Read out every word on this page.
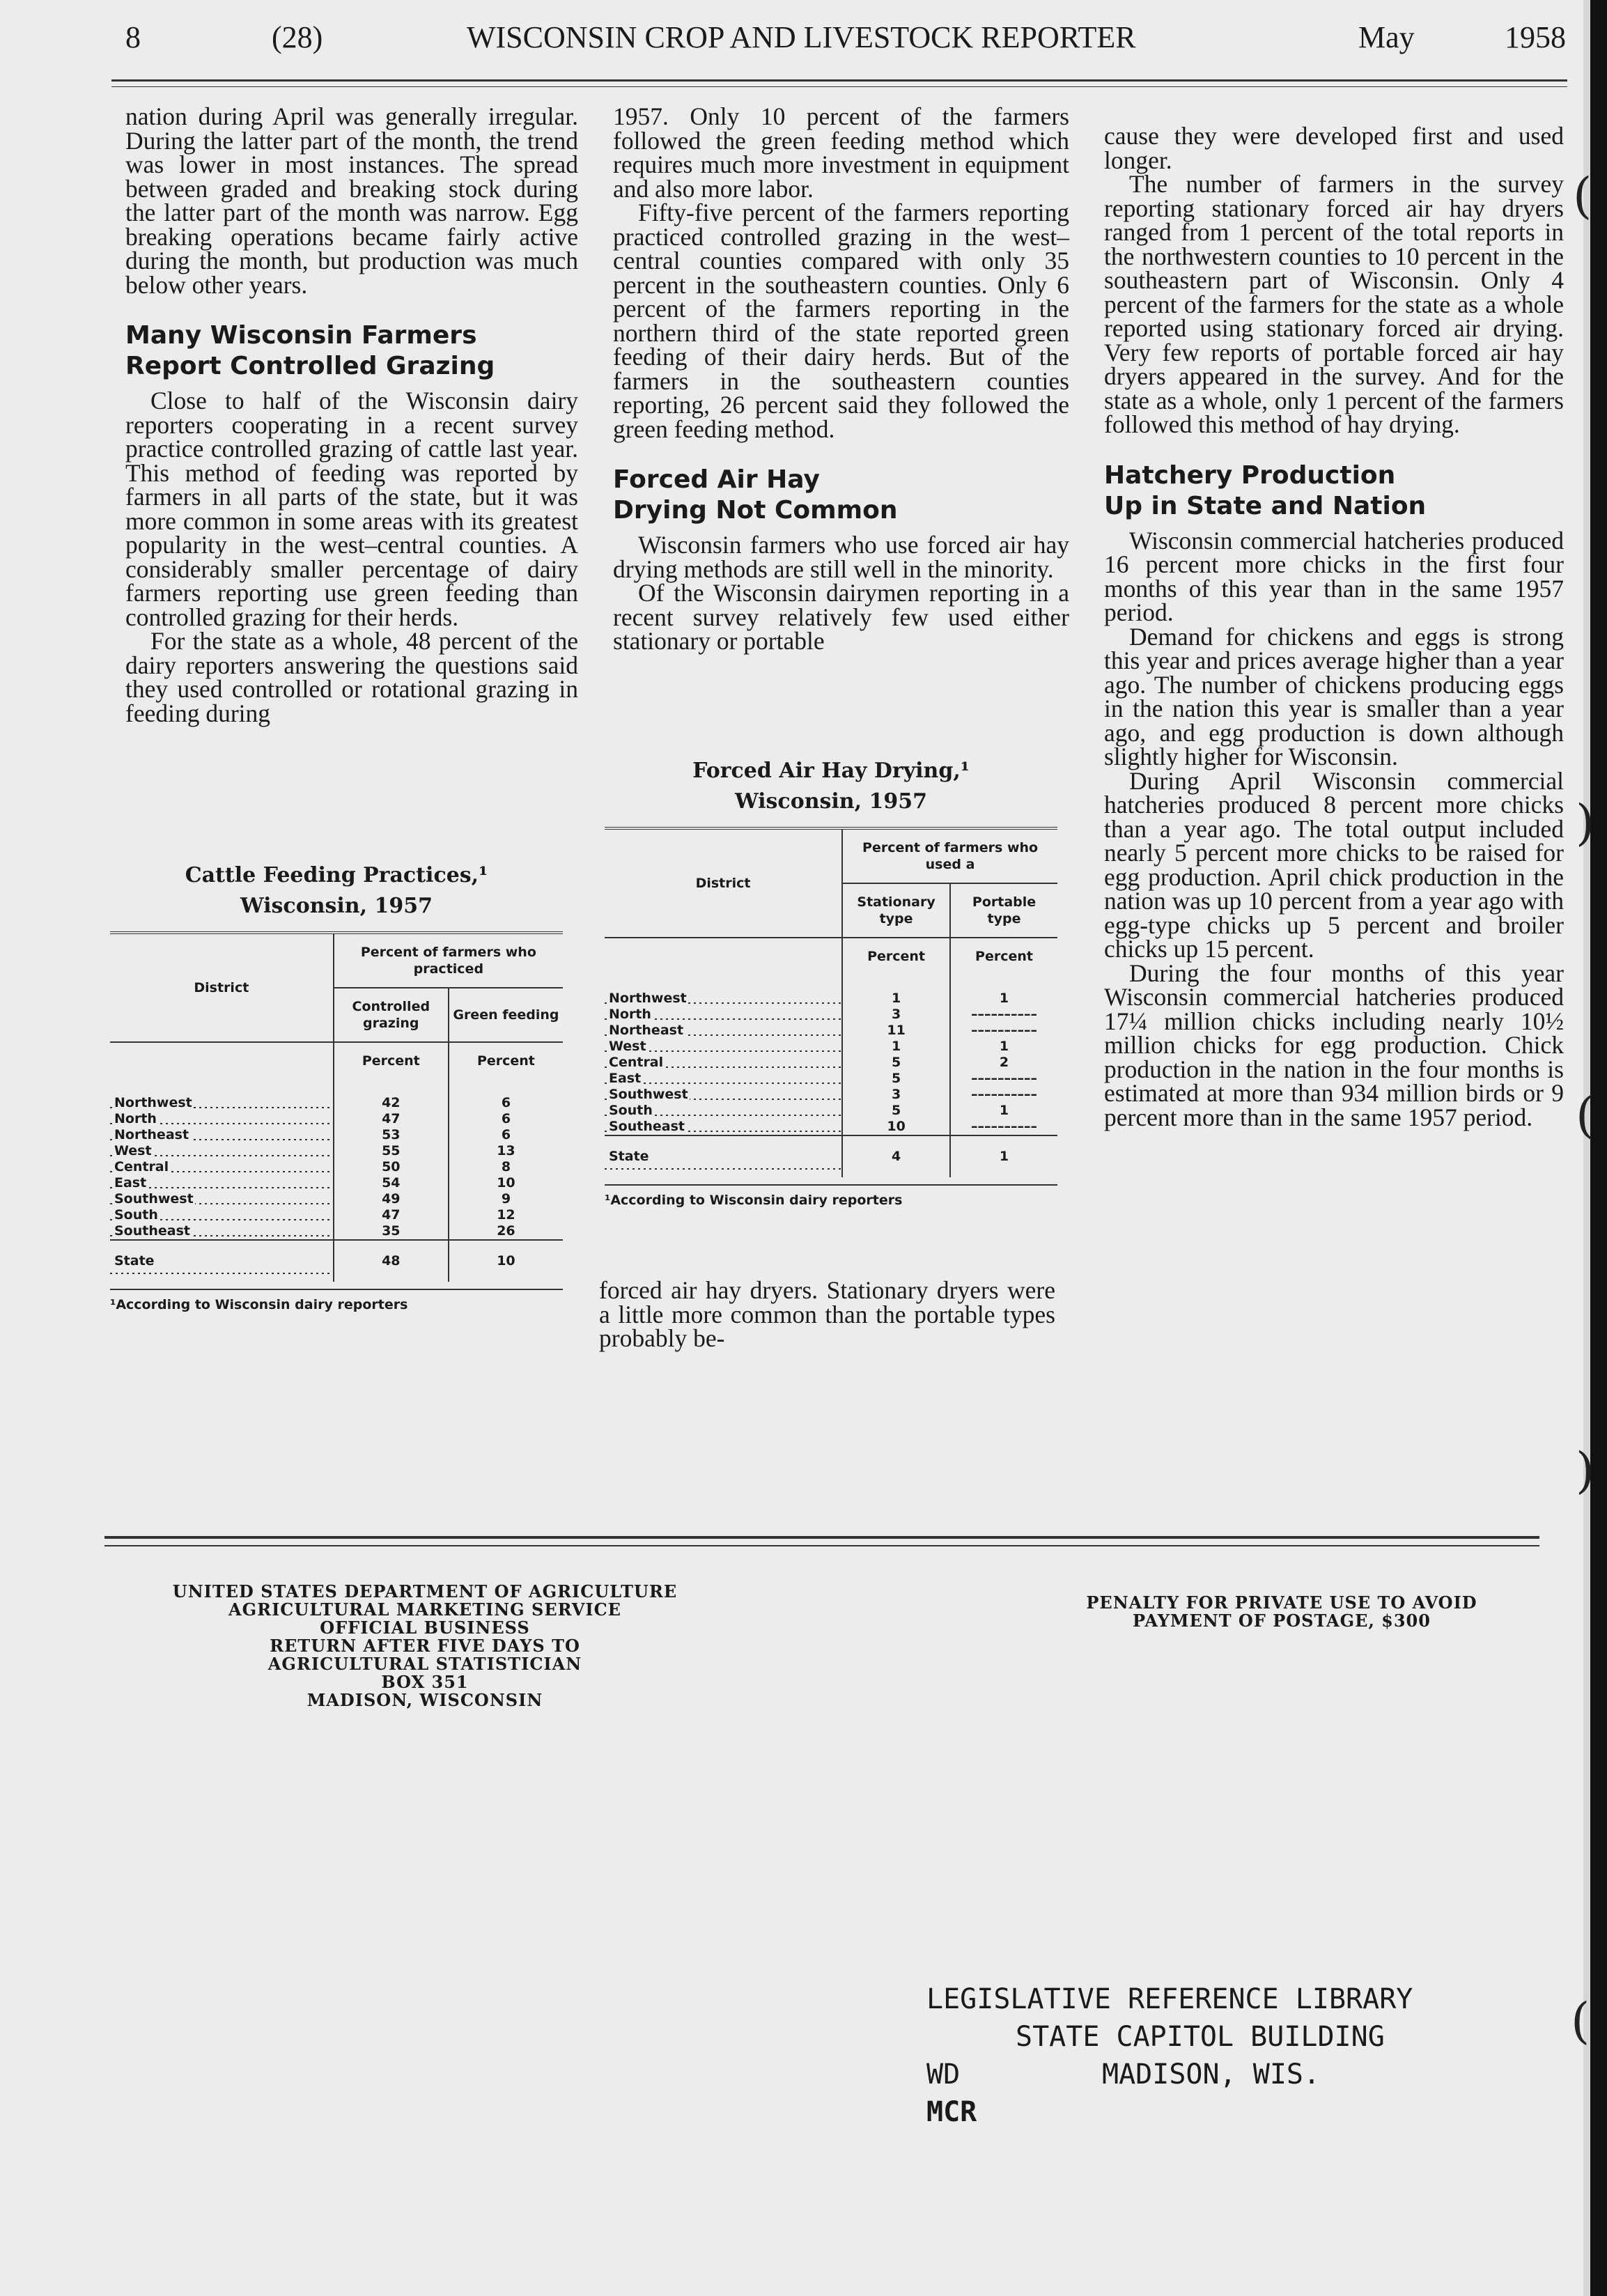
8	(28)	WISCONSIN CROP AND LIVESTOCK REPORTER	May	1958

nation during April was generally irregular. During the latter part of the month, the trend was lower in most instances. The spread between graded and breaking stock during the latter part of the month was narrow. Egg breaking operations became fairly active during the month, but production was much below other years.

Many Wisconsin Farmers
Report Controlled Grazing

Close to half of the Wisconsin dairy reporters cooperating in a recent survey practice controlled grazing of cattle last year. This method of feeding was reported by farmers in all parts of the state, but it was more common in some areas with its greatest popularity in the west–central counties. A considerably smaller percentage of dairy farmers reporting use green feeding than controlled grazing for their herds.

For the state as a whole, 48 percent of the dairy reporters answering the questions said they used controlled or rotational grazing in feeding during

Cattle Feeding Practices,¹
Wisconsin, 1957
District	Percent of farmers who practiced	
	Controlled grazing	Green feeding
	Percent	Percent

Northwest	42	6
North	47	6
Northeast	53	6
West	55	13
Central	50	8
East	54	10
Southwest	49	9
South	47	12
Southeast	35	26
State	48	10
¹According to Wisconsin dairy reporters

1957. Only 10 percent of the farmers followed the green feeding method which requires much more investment in equipment and also more labor.

Fifty-five percent of the farmers reporting practiced controlled grazing in the west–central counties compared with only 35 percent in the southeastern counties. Only 6 percent of the farmers reporting in the northern third of the state reported green feeding of their dairy herds. But of the farmers in the southeastern counties reporting, 26 percent said they followed the green feeding method.

Forced Air Hay
Drying Not Common

Wisconsin farmers who use forced air hay drying methods are still well in the minority.

Of the Wisconsin dairymen reporting in a recent survey relatively few used either stationary or portable

Forced Air Hay Drying,¹
Wisconsin, 1957
District	Percent of farmers who used a	
	Stationary type	Portable type
	Percent	Percent

Northwest	1	1
North	3	––––––––––
Northeast	11	––––––––––
West	1	1
Central	5	2
East	5	––––––––––
Southwest	3	––––––––––
South	5	1
Southeast	10	––––––––––
State	4	1
¹According to Wisconsin dairy reporters

forced air hay dryers. Stationary dryers were a little more common than the portable types probably be-

cause they were developed first and used longer.

The number of farmers in the survey reporting stationary forced air hay dryers ranged from 1 percent of the total reports in the northwestern counties to 10 percent in the southeastern part of Wisconsin. Only 4 percent of the farmers for the state as a whole reported using stationary forced air drying. Very few reports of portable forced air hay dryers appeared in the survey. And for the state as a whole, only 1 percent of the farmers followed this method of hay drying.

Hatchery Production
Up in State and Nation

Wisconsin commercial hatcheries produced 16 percent more chicks in the first four months of this year than in the same 1957 period.

Demand for chickens and eggs is strong this year and prices average higher than a year ago. The number of chickens producing eggs in the nation this year is smaller than a year ago, and egg production is down although slightly higher for Wisconsin.

During April Wisconsin commercial hatcheries produced 8 percent more chicks than a year ago. The total output included nearly 5 percent more chicks to be raised for egg production. April chick production in the nation was up 10 percent from a year ago with egg-type chicks up 5 percent and broiler chicks up 15 percent.

During the four months of this year Wisconsin commercial hatcheries produced 17¼ million chicks including nearly 10½ million chicks for egg production. Chick production in the nation in the four months is estimated at more than 934 million birds or 9 percent more than in the same 1957 period.

UNITED STATES DEPARTMENT OF AGRICULTURE
AGRICULTURAL MARKETING SERVICE
OFFICIAL BUSINESS
RETURN AFTER FIVE DAYS TO
AGRICULTURAL STATISTICIAN
BOX 351
MADISON, WISCONSIN
PENALTY FOR PRIVATE USE TO AVOID
PAYMENT OF POSTAGE, $300
LEGISLATIVE REFERENCE LIBRARY
STATE CAPITOL BUILDING
WD	MADISON, WIS.
MCR
(
)
(
)
(
